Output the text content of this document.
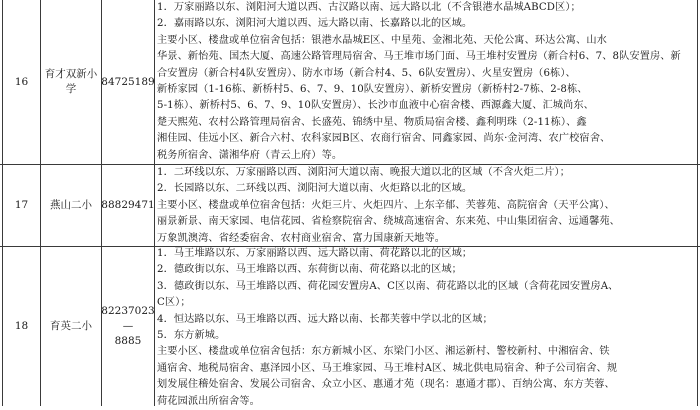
16
育才双新小
学
84725189
1．万家丽路以东、浏阳河大道以西、古汉路以南、远大路以北（不含银港水晶城ABCD区）；
2．嘉雨路以东、浏阳河大道以西、远大路以南、长嘉路以北的区域。
主要小区、楼盘或单位宿舍包括：银港水晶城E区、中星苑、金湘北苑、天伦公寓、环达公寓、山水
华景、新怡苑、国杰大厦、高速公路管理局宿舍、马王堆市场门面、马王堆村安置房（新合村6、7、8队安置房、新
合安置房（新合村4队安置房）、防水市场（新合村4、5、6队安置房）、火星安置房（6栋）、
新桥家园（1-16栋、新桥村5、6、7、9、10队安置房）、新桥安置房（新桥村2-7栋、2-8栋、
5-1栋）、新桥村5、6、7、9、10队安置房）、长沙市血液中心宿舍楼、西源鑫大厦、汇城尚东、
楚天熙苑、农村公路管理局宿舍、长盛苑、锦绣中星、物质局宿舍楼、鑫利明珠（2-11栋）、鑫
湘佳园、佳远小区、新合六村、农科家园B区、农商行宿舍、同鑫家园、尚东·金河湾、农广校宿舍、
税务所宿舍、潇湘华府（青云上府）等。
17 燕山二小 88829471
1．二环线以东、万家丽路以西、浏阳河大道以南、晚报大道以北的区域（不含火炬二片）；
2．长园路以东、二环线以西、浏阳河大道以南、火炬路以北的区域。
主要小区、楼盘或单位宿舍包括：火炬三片、火炬四片、上东辛郁、芙蓉苑、高院宿舍（天平公寓）、
丽景新景、南天家园、电信花园、省检察院宿舍、绕城高速宿舍、东来苑、中山集团宿舍、远通馨苑、
万象凯澳湾、省经委宿舍、农村商业宿舍、富力国康新天地等。
18 育英二小
82237023—
8885
1．马王堆路以东、万家丽路以西、远大路以南、荷花路以北的区域；
2．德政街以东、马王堆路以西、东荷街以南、荷花路以北的区域；
3．德政街以东、马王堆路以西、荷花园安置房A、C区以南、荷花路以北的区域（含荷花园安置房A、
C区）；
4．恒达路以东、马王堆路以西、远大路以南、长都芙蓉中学以北的区域；
5．东方新城。
主要小区、楼盘或单位宿舍包括：东方新城小区、东梁门小区、湘运新村、警校新村、中湘宿舍、铁
通宿舍、地税局宿舍、惠泽园小区、马王堆家园、马王堆村A区、城北供电局宿舍、种子公司宿舍、规
划发展住稽处宿舍、发展公司宿舍、众立小区、惠通才苑（现名：惠通才郡）、百纳公寓、东方芙蓉、
荷花园派出所宿舍等。
